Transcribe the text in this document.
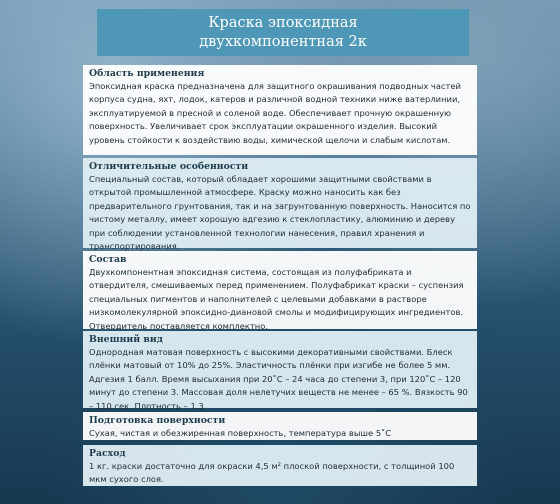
Краска эпоксидная
двухкомпонентная 2к
Область применения

Эпоксидная краска предназначена для защитного окрашивания подводных частей корпуса судна, яхт, лодок, катеров и различной водной техники ниже ватерлинии, эксплуатируемой в пресной и соленой воде. Обеспечивает прочную окрашенную поверхность. Увеличивает срок эксплуатации окрашенного изделия. Высокий уровень стойкости к воздействию воды, химической щелочи и слабым кислотам.

Отличительные особенности

Специальный состав, который обладает хорошими защитными свойствами в открытой промышленной атмосфере. Краску можно наносить как без предварительного грунтования, так и на загрунтованную поверхность. Наносится по чистому металлу, имеет хорошую адгезию к стеклопластику, алюминию и дереву при соблюдении установленной технологии нанесения, правил хранения и транспортирования.

Состав

Двухкомпонентная эпоксидная система, состоящая из полуфабриката и отвердителя, смешиваемых перед применением. Полуфабрикат краски – суспензия специальных пигментов и наполнителей с целевыми добавками в растворе низкомолекулярной эпоксидно-диановой смолы и модифицирующих ингредиентов. Отвердитель поставляется комплектно.

Внешний вид

Однородная матовая поверхность с высокими декоративными свойствами. Блеск плёнки матовый от 10% до 25%. Эластичность плёнки при изгибе не более 5 мм. Адгезия 1 балл. Время высыхания при 20˚С – 24 часа до степени 3, при 120˚С – 120 минут до степени 3. Массовая доля нелетучих веществ не менее – 65 %. Вязкость 90 – 110 сек. Плотность – 1,3

Подготовка поверхности

Сухая, чистая и обезжиренная поверхность, температура выше 5˚С

Расход

1 кг. краски достаточно для окраски 4,5 м² плоской поверхности, с толщиной 100 мкм сухого слоя.
